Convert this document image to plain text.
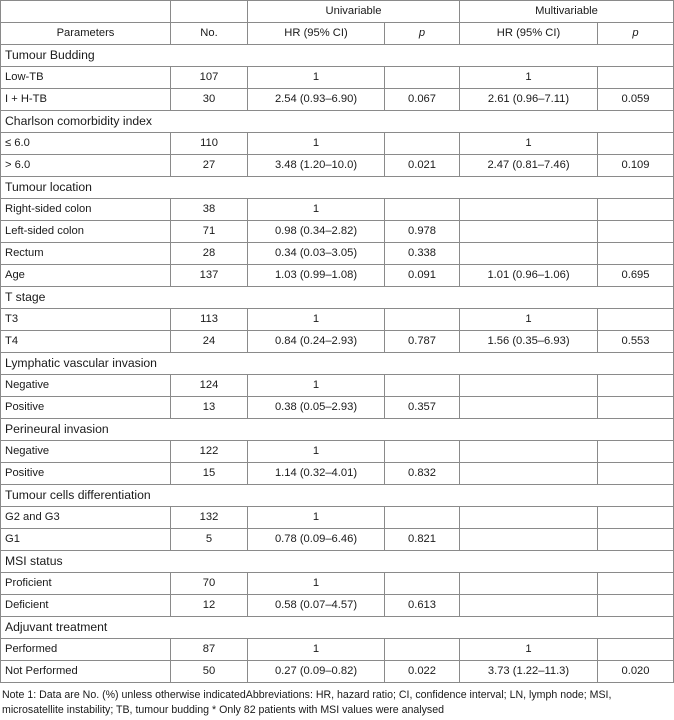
		Univariable		Multivariable	
Parameters	No.	HR (95% CI)	p	HR (95% CI)	p
Tumour Budding					
Low-TB	107	1		1	
I + H-TB	30	2.54 (0.93–6.90)	0.067	2.61 (0.96–7.11)	0.059
Charlson comorbidity index					
≤ 6.0	110	1		1	
> 6.0	27	3.48 (1.20–10.0)	0.021	2.47 (0.81–7.46)	0.109
Tumour location					
Right-sided colon	38	1			
Left-sided colon	71	0.98 (0.34–2.82)	0.978		
Rectum	28	0.34 (0.03–3.05)	0.338		
Age	137	1.03 (0.99–1.08)	0.091	1.01 (0.96–1.06)	0.695
T stage					
T3	113	1		1	
T4	24	0.84 (0.24–2.93)	0.787	1.56 (0.35–6.93)	0.553
Lymphatic vascular invasion					
Negative	124	1			
Positive	13	0.38 (0.05–2.93)	0.357		
Perineural invasion					
Negative	122	1			
Positive	15	1.14 (0.32–4.01)	0.832		
Tumour cells differentiation					
G2 and G3	132	1			
G1	5	0.78 (0.09–6.46)	0.821		
MSI status					
Proficient	70	1			
Deficient	12	0.58 (0.07–4.57)	0.613		
Adjuvant treatment					
Performed	87	1		1	
Not Performed	50	0.27 (0.09–0.82)	0.022	3.73 (1.22–11.3)	0.020
Note 1: Data are No. (%) unless otherwise indicatedAbbreviations: HR, hazard ratio; CI, confidence interval; LN, lymph node; MSI, microsatellite instability; TB, tumour budding * Only 82 patients with MSI values were analysed
